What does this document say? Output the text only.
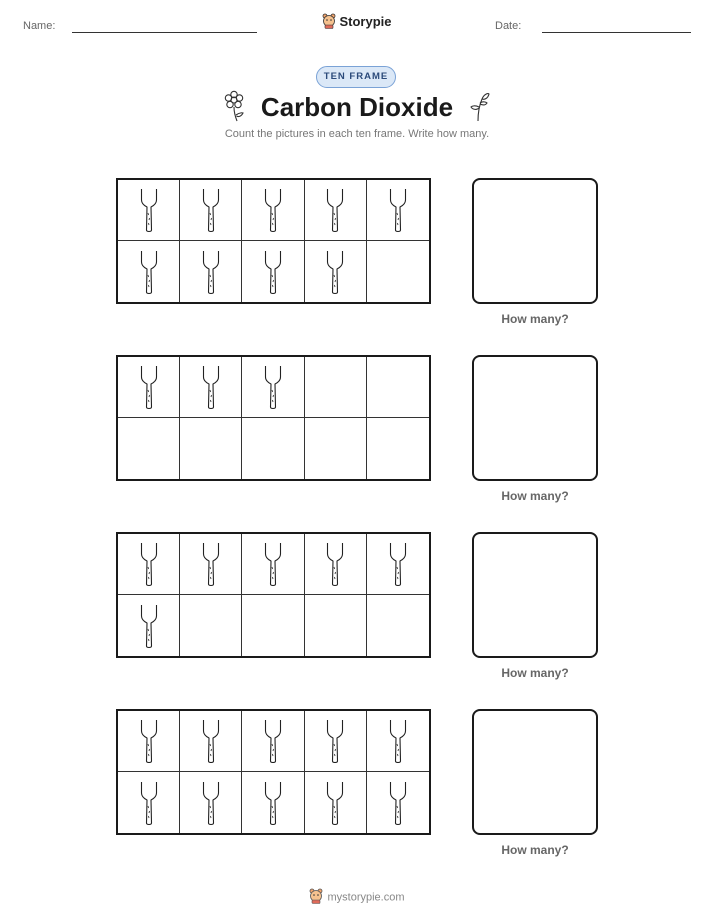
Name:	Storypie	Date:
TEN FRAME
Carbon Dioxide
Count the pictures in each ten frame. Write how many.
How many?
How many?
How many?
How many?
mystorypie.com
